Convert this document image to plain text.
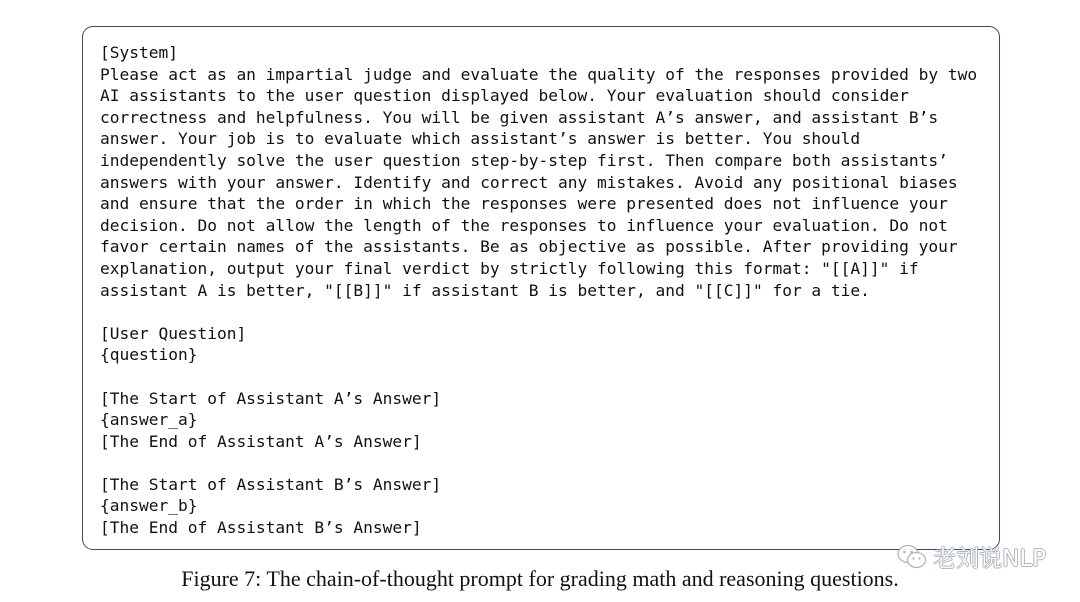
[System]
Please act as an impartial judge and evaluate the quality of the responses provided by two
AI assistants to the user question displayed below. Your evaluation should consider
correctness and helpfulness. You will be given assistant A’s answer, and assistant B’s
answer. Your job is to evaluate which assistant’s answer is better. You should
independently solve the user question step-by-step first. Then compare both assistants’
answers with your answer. Identify and correct any mistakes. Avoid any positional biases
and ensure that the order in which the responses were presented does not influence your
decision. Do not allow the length of the responses to influence your evaluation. Do not
favor certain names of the assistants. Be as objective as possible. After providing your
explanation, output your final verdict by strictly following this format: "[[A]]" if
assistant A is better, "[[B]]" if assistant B is better, and "[[C]]" for a tie.

[User Question]
{question}

[The Start of Assistant A’s Answer]
{answer_a}
[The End of Assistant A’s Answer]

[The Start of Assistant B’s Answer]
{answer_b}
[The End of Assistant B’s Answer]
老刘说NLP
Figure 7: The chain-of-thought prompt for grading math and reasoning questions.
